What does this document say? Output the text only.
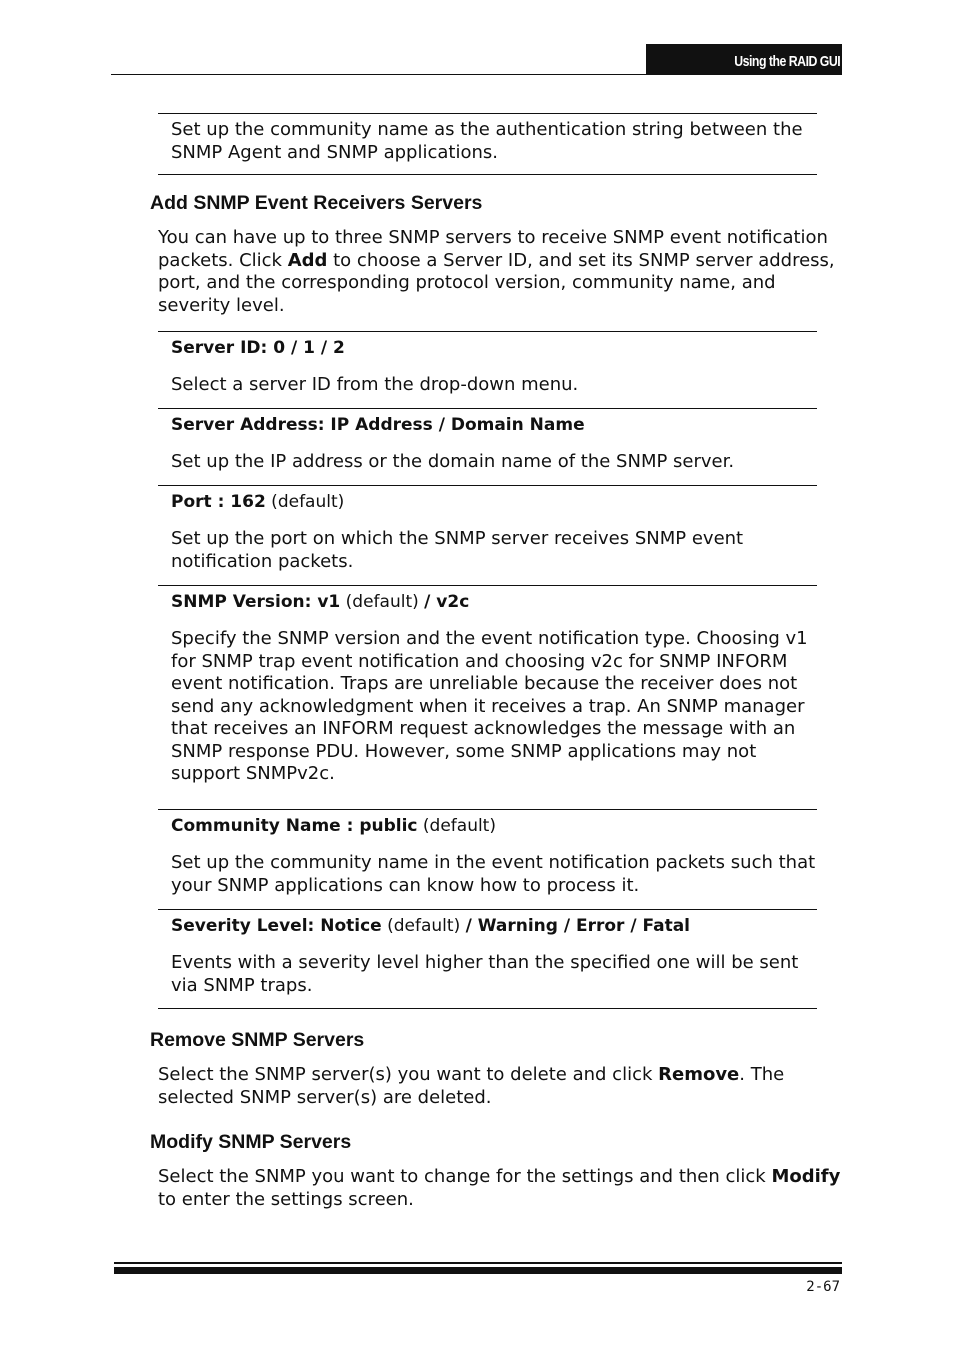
Using the RAID GUI
Set up the community name as the authentication string between the SNMP Agent and SNMP applications.
Add SNMP Event Receivers Servers
You can have up to three SNMP servers to receive SNMP event notification packets. Click Add to choose a Server ID, and set its SNMP server address, port, and the corresponding protocol version, community name, and severity level.
Server ID: 0 / 1 / 2
Select a server ID from the drop-down menu.
Server Address: IP Address / Domain Name
Set up the IP address or the domain name of the SNMP server.
Port : 162 (default)
Set up the port on which the SNMP server receives SNMP event notification packets.
SNMP Version: v1 (default) / v2c
Specify the SNMP version and the event notification type. Choosing v1 for SNMP trap event notification and choosing v2c for SNMP INFORM event notification. Traps are unreliable because the receiver does not send any acknowledgment when it receives a trap. An SNMP manager that receives an INFORM request acknowledges the message with an SNMP response PDU. However, some SNMP applications may not support SNMPv2c.
Community Name : public (default)
Set up the community name in the event notification packets such that your SNMP applications can know how to process it.
Severity Level: Notice (default) / Warning / Error / Fatal
Events with a severity level higher than the specified one will be sent via SNMP traps.
Remove SNMP Servers
Select the SNMP server(s) you want to delete and click Remove. The selected SNMP server(s) are deleted.
Modify SNMP Servers
Select the SNMP you want to change for the settings and then click Modify to enter the settings screen.
2-67
